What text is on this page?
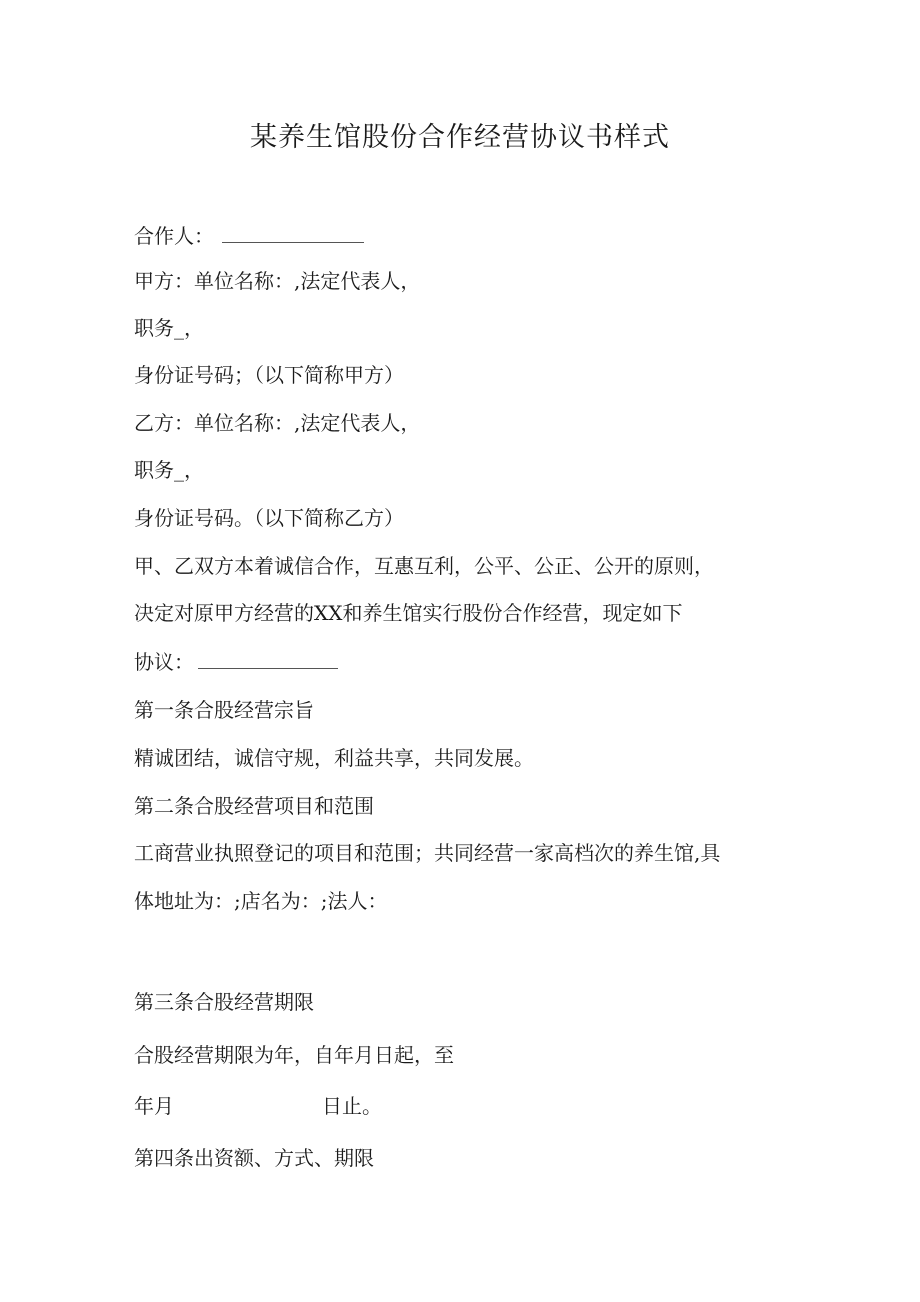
某养生馆股份合作经营协议书样式
合作人：
甲方：单位名称：,法定代表人，
职务_，
身份证号码；（以下简称甲方）
乙方：单位名称：,法定代表人，
职务_，
身份证号码。（以下简称乙方）
甲、乙双方本着诚信合作，互惠互利，公平、公正、公开的原则，
决定对原甲方经营的XX和养生馆实行股份合作经营，现定如下
协议：
第一条合股经营宗旨
精诚团结，诚信守规，利益共享，共同发展。
第二条合股经营项目和范围
工商营业执照登记的项目和范围；共同经营一家高档次的养生馆,具
体地址为：;店名为：;法人：
第三条合股经营期限
合股经营期限为年，自年月日起，至
年月	日止。
第四条出资额、方式、期限
